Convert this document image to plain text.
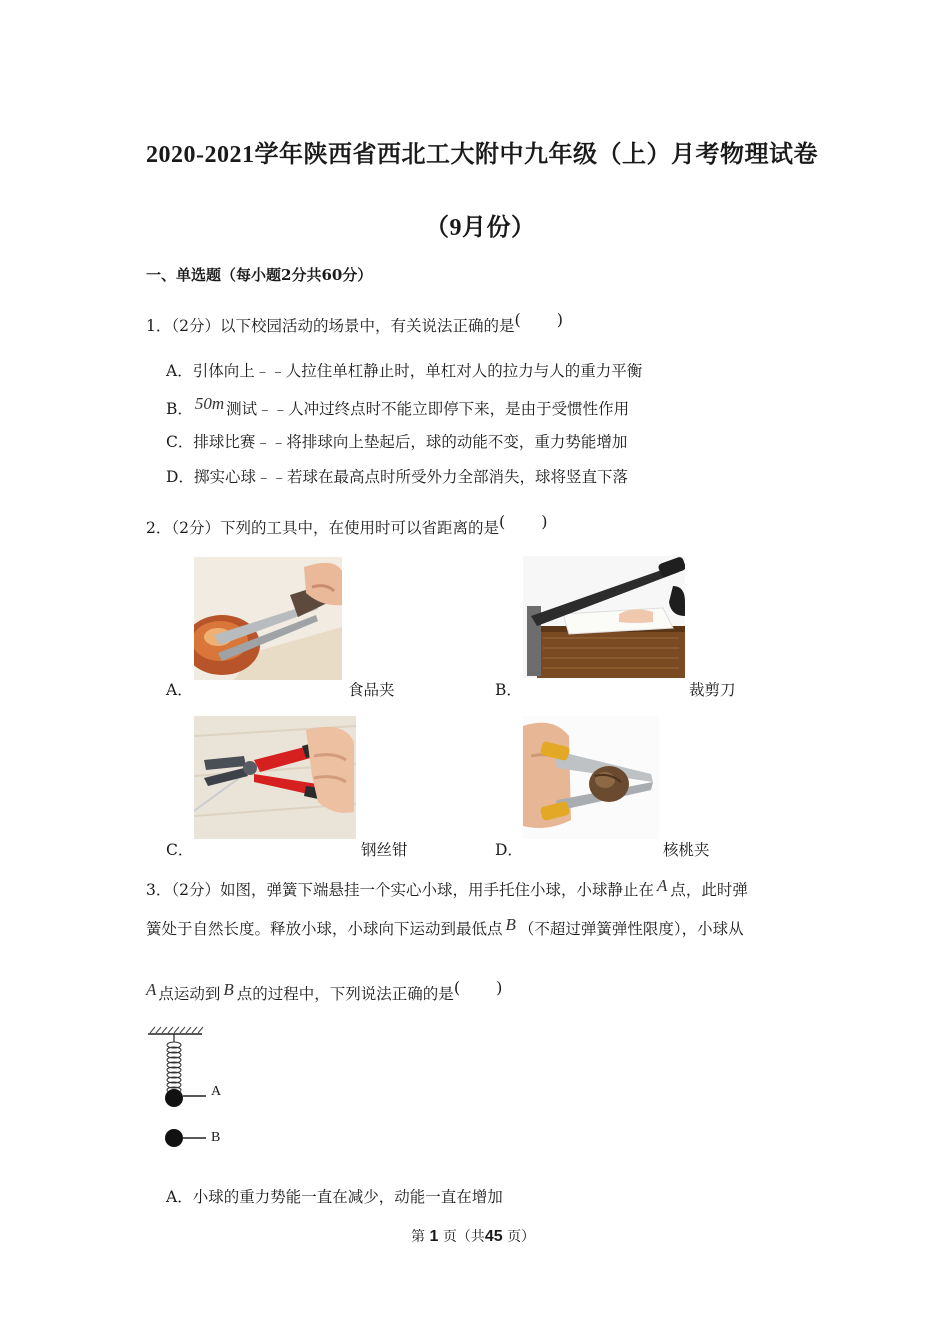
2020-2021学年陕西省西北工大附中九年级（上）月考物理试卷
（9月份）
一、单选题（每小题2分共60分）
1．（2分）以下校园活动的场景中，有关说法正确的是( )
A．引体向上﹣﹣人拉住单杠静止时，单杠对人的拉力与人的重力平衡
B． 50m 测试﹣﹣人冲过终点时不能立即停下来，是由于受惯性作用
C．排球比赛﹣﹣将排球向上垫起后，球的动能不变，重力势能增加
D．掷实心球﹣﹣若球在最高点时所受外力全部消失，球将竖直下落
2．（2分）下列的工具中，在使用时可以省距离的是( )
A．	食品夹	B．	裁剪刀
C．	钢丝钳	D．	核桃夹
3．（2分）如图，弹簧下端悬挂一个实心小球，用手托住小球，小球静止在 A 点，此时弹
簧处于自然长度。释放小球，小球向下运动到最低点 B （不超过弹簧弹性限度），小球从
A 点运动到 B 点的过程中，下列说法正确的是( )
A
B
A．小球的重力势能一直在减少，动能一直在增加
第 1 页（共45 页）
